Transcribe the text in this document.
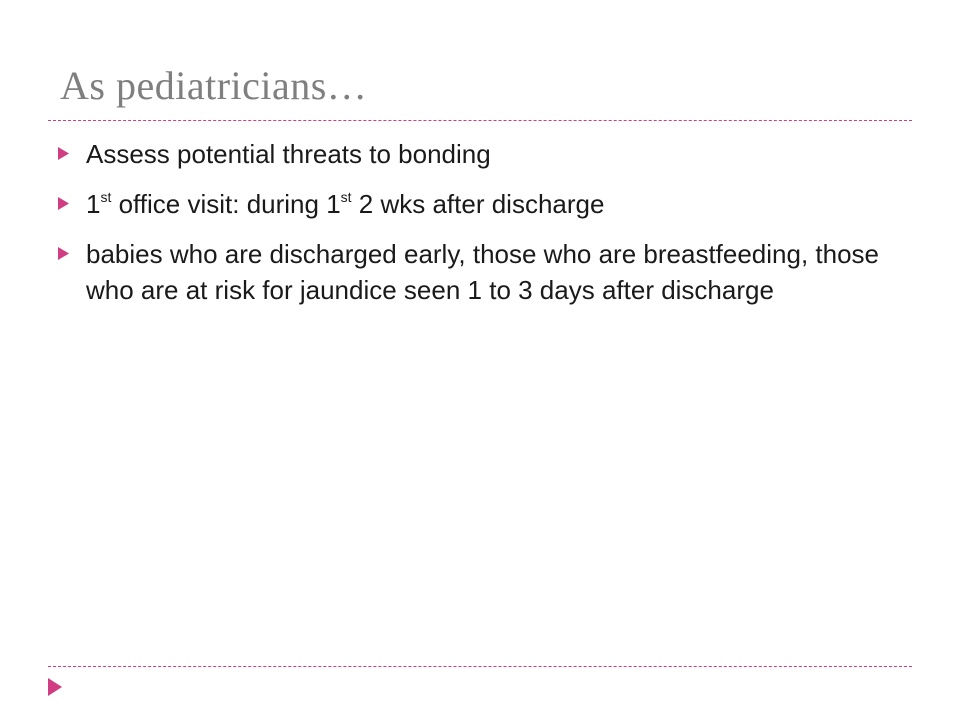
As pediatricians…
Assess potential threats to bonding
1st office visit: during 1st 2 wks after discharge
babies who are discharged early, those who are breastfeeding, those who are at risk for jaundice seen 1 to 3 days after discharge
